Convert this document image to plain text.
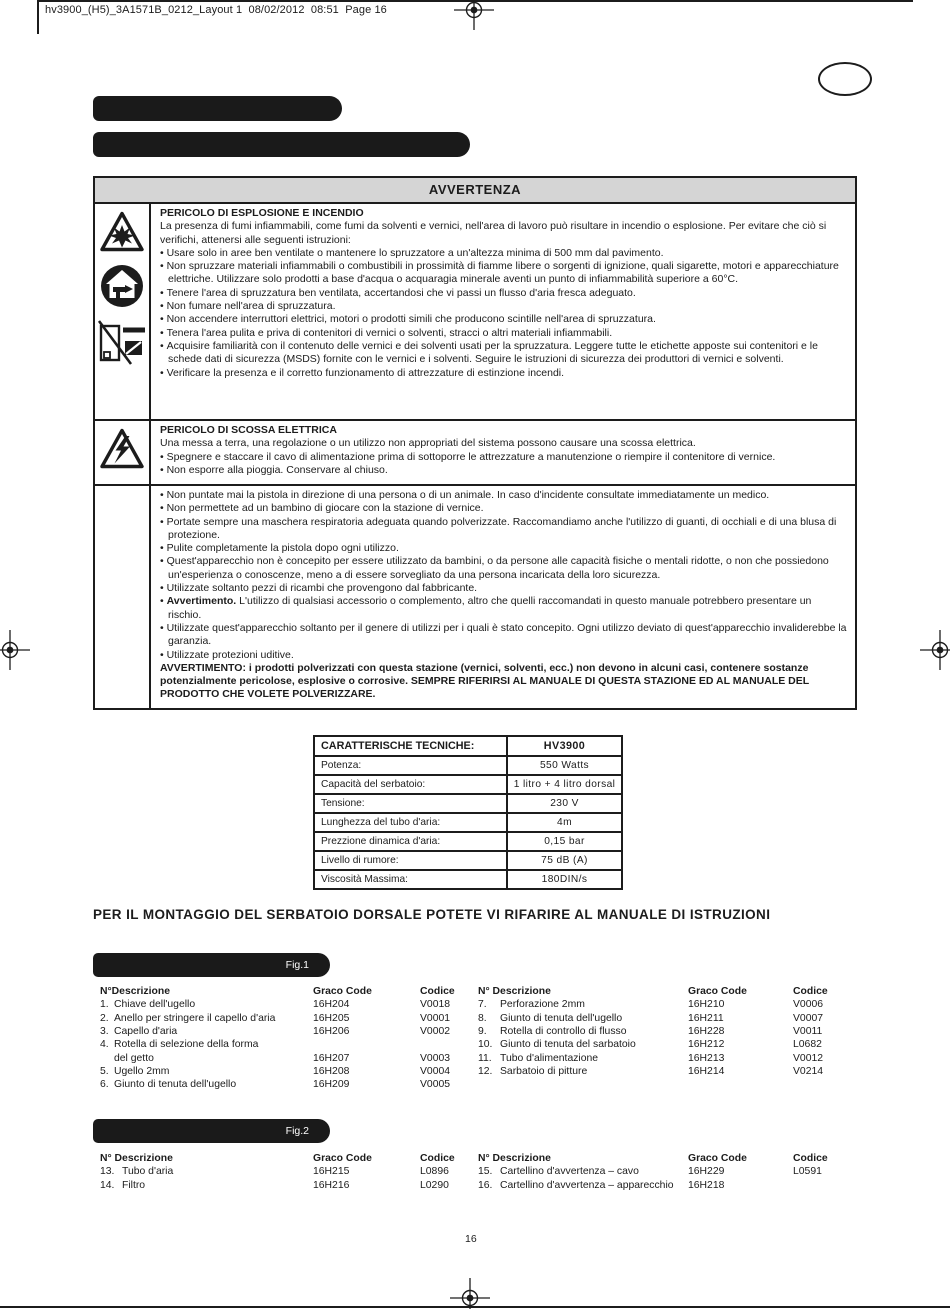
hv3900_(H5)_3A1571B_0212_Layout 1  08/02/2012  08:51  Page 16
AVVERTENZA
PERICOLO DI ESPLOSIONE E INCENDIO
La presenza di fumi infiammabili, come fumi da solventi e vernici, nell'area di lavoro può risultare in incendio o esplosione. Per evitare che ciò si verifichi, attenersi alle seguenti istruzioni:
• Usare solo in aree ben ventilate o mantenere lo spruzzatore a un'altezza minima di 500 mm dal pavimento.
• Non spruzzare materiali infiammabili o combustibili in prossimità di fiamme libere o sorgenti di ignizione, quali sigarette, motori e apparecchiature elettriche. Utilizzare solo prodotti a base d'acqua o acquaragia minerale aventi un punto di infiammabilità superiore a 60°C.
• Tenere l'area di spruzzatura ben ventilata, accertandosi che vi passi un flusso d'aria fresca adeguato.
• Non fumare nell'area di spruzzatura.
• Non accendere interruttori elettrici, motori o prodotti simili che producono scintille nell'area di spruzzatura.
• Tenera l'area pulita e priva di contenitori di vernici o solventi, stracci o altri materiali infiammabili.
• Acquisire familiarità con il contenuto delle vernici e dei solventi usati per la spruzzatura. Leggere tutte le etichette apposte sui contenitori e le schede dati di sicurezza (MSDS) fornite con le vernici e i solventi. Seguire le istruzioni di sicurezza dei produttori di vernici e solventi.
• Verificare la presenza e il corretto funzionamento di attrezzature di estinzione incendi.
PERICOLO DI SCOSSA ELETTRICA
Una messa a terra, una regolazione o un utilizzo non appropriati del sistema possono causare una scossa elettrica.
• Spegnere e staccare il cavo di alimentazione prima di sottoporre le attrezzature a manutenzione o riempire il contenitore di vernice.
• Non esporre alla pioggia. Conservare al chiuso.
• Non puntate mai la pistola in direzione di una persona o di un animale. In caso d'incidente consultate immediatamente un medico.
• Non permettete ad un bambino di giocare con la stazione di vernice.
• Portate sempre una maschera respiratoria adeguata quando polverizzate. Raccomandiamo anche l'utilizzo di guanti, di occhiali e di una blusa di protezione.
• Pulite completamente la pistola dopo ogni utilizzo.
• Quest'apparecchio non è concepito per essere utilizzato da bambini, o da persone alle capacità fisiche o mentali ridotte, o non che possiedono un'esperienza o conoscenze, meno a di essere sorvegliato da una persona incaricata della loro sicurezza.
• Utilizzate soltanto pezzi di ricambi che provengono dal fabbricante.
• Avvertimento. L'utilizzo di qualsiasi accessorio o complemento, altro che quelli raccomandati in questo manuale potrebbero presentare un rischio.
• Utilizzate quest'apparecchio soltanto per il genere di utilizzi per i quali è stato concepito. Ogni utilizzo deviato di quest'apparecchio invaliderebbe la garanzia.
• Utilizzate protezioni uditive.
AVVERTIMENTO: i prodotti polverizzati con questa stazione (vernici, solventi, ecc.) non devono in alcuni casi, contenere sostanze potenzialmente pericolose, esplosive o corrosive. SEMPRE RIFERIRSI AL MANUALE DI QUESTA STAZIONE ED AL MANUALE DEL PRODOTTO CHE VOLETE POLVERIZZARE.
CARATTERISCHE TECNICHE:	HV3900
Potenza:	550 Watts
Capacità del serbatoio:	1 litro + 4 litro dorsal
Tensione:	230 V
Lunghezza del tubo d'aria:	4m
Prezzione dinamica d'aria:	0,15 bar
Livello di rumore:	75 dB (A)
Viscosità Massima:	180DIN/s
PER IL MONTAGGIO DEL SERBATOIO DORSALE POTETE VI RIFARIRE AL MANUALE DI ISTRUZIONI
Fig.1
N°Descrizione	Graco Code	Codice
1. Chiave dell'ugello	16H204	V0018
2. Anello per stringere il capello d'aria	16H205	V0001
3. Capello d'aria	16H206	V0002
4. Rotella di selezione della forma
del getto	16H207	V0003
5. Ugello 2mm	16H208	V0004
6. Giunto di tenuta dell'ugello	16H209	V0005
N° Descrizione	Graco Code	Codice
7.	Perforazione 2mm	16H210	V0006
8.	Giunto di tenuta dell'ugello	16H211	V0007
9.	Rotella di controllo di flusso	16H228	V0011
10. Giunto di tenuta del sarbatoio	16H212	L0682
11. Tubo d'alimentazione	16H213	V0012
12. Sarbatoio di pitture	16H214	V0214
Fig.2
N° Descrizione	Graco Code	Codice
13. Tubo d'aria	16H215	L0896
14. Filtro	16H216	L0290
N° Descrizione	Graco Code	Codice
15. Cartellino d'avvertenza – cavo	16H229	L0591
16. Cartellino d'avvertenza – apparecchio	16H218
16
